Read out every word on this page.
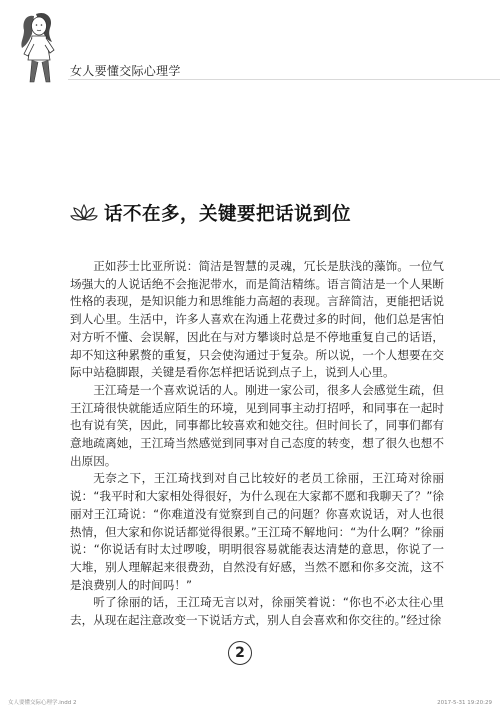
女人要懂交际心理学
话不在多，关键要把话说到位

正如莎士比亚所说：简洁是智慧的灵魂，冗长是肤浅的藻饰。一位气场强大的人说话绝不会拖泥带水，而是简洁精练。语言简洁是一个人果断性格的表现，是知识能力和思维能力高超的表现。言辞简洁，更能把话说到人心里。生活中，许多人喜欢在沟通上花费过多的时间，他们总是害怕对方听不懂、会误解，因此在与对方攀谈时总是不停地重复自己的话语，却不知这种累赘的重复，只会使沟通过于复杂。所以说，一个人想要在交际中站稳脚跟，关键是看你怎样把话说到点子上，说到人心里。

王江琦是一个喜欢说话的人。刚进一家公司，很多人会感觉生疏，但王江琦很快就能适应陌生的环境，见到同事主动打招呼，和同事在一起时也有说有笑，因此，同事都比较喜欢和她交往。但时间长了，同事们都有意地疏离她，王江琦当然感觉到同事对自己态度的转变，想了很久也想不出原因。

无奈之下，王江琦找到对自己比较好的老员工徐丽，王江琦对徐丽说：“我平时和大家相处得很好，为什么现在大家都不愿和我聊天了？”徐丽对王江琦说：“你难道没有觉察到自己的问题？你喜欢说话，对人也很热情，但大家和你说话都觉得很累。”王江琦不解地问：“为什么啊？”徐丽说：“你说话有时太过啰唆，明明很容易就能表达清楚的意思，你说了一大堆，别人理解起来很费劲，自然没有好感，当然不愿和你多交流，这不是浪费别人的时间吗！”

听了徐丽的话，王江琦无言以对，徐丽笑着说：“你也不必太往心里去，从现在起注意改变一下说话方式，别人自会喜欢和你交往的。”经过徐

2
女人要懂交际心理学.indd 2	2017-5-31 19:20:29
